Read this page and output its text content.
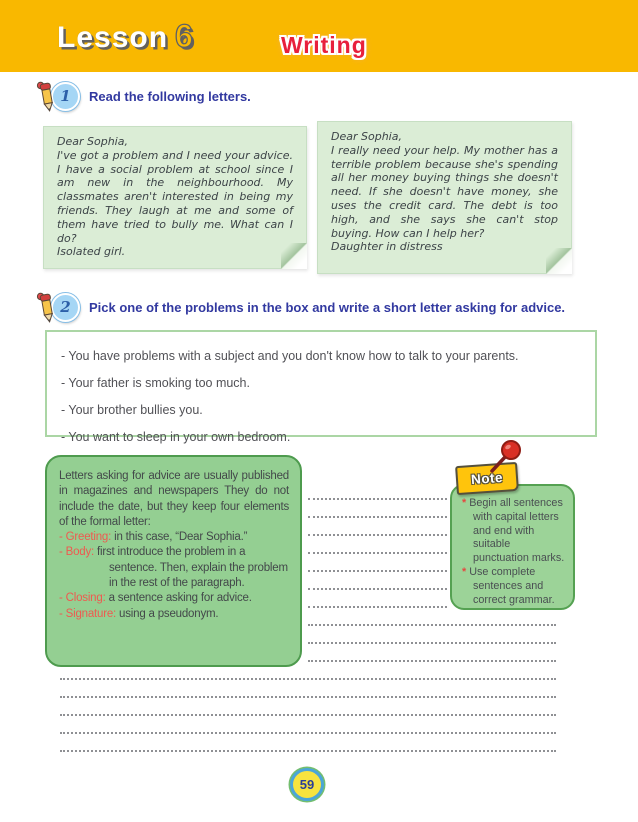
Lesson 6	Writing
1 Read the following letters.
Dear Sophia,
I've got a problem and I need your advice. I have a social problem at school since I am new in the neighbourhood. My classmates aren't interested in being my friends. They laugh at me and some of them have tried to bully me. What can I do?
Isolated girl.
Dear Sophia,
I really need your help. My mother has a terrible problem because she's spending all her money buying things she doesn't need. If she doesn't have money, she uses the credit card. The debt is too high, and she says she can't stop buying. How can I help her?
Daughter in distress
2 Pick one of the problems in the box and write a short letter asking for advice.
- You have problems with a subject and you don't know how to talk to your parents.
- Your father is smoking too much.
- Your brother bullies you.
- You want to sleep in your own bedroom.
Letters asking for advice are usually published in magazines and newspapers They do not include the date, but they keep four elements of the formal letter:
- Greeting: in this case, “Dear Sophia.”
- Body: first introduce the problem in a sentence. Then, explain the problem in the rest of the paragraph.
- Closing: a sentence asking for advice.
- Signature: using a pseudonym.
Note
* Begin all sentences with capital letters and end with suitable punctuation marks.
* Use complete sentences and correct grammar.
59
